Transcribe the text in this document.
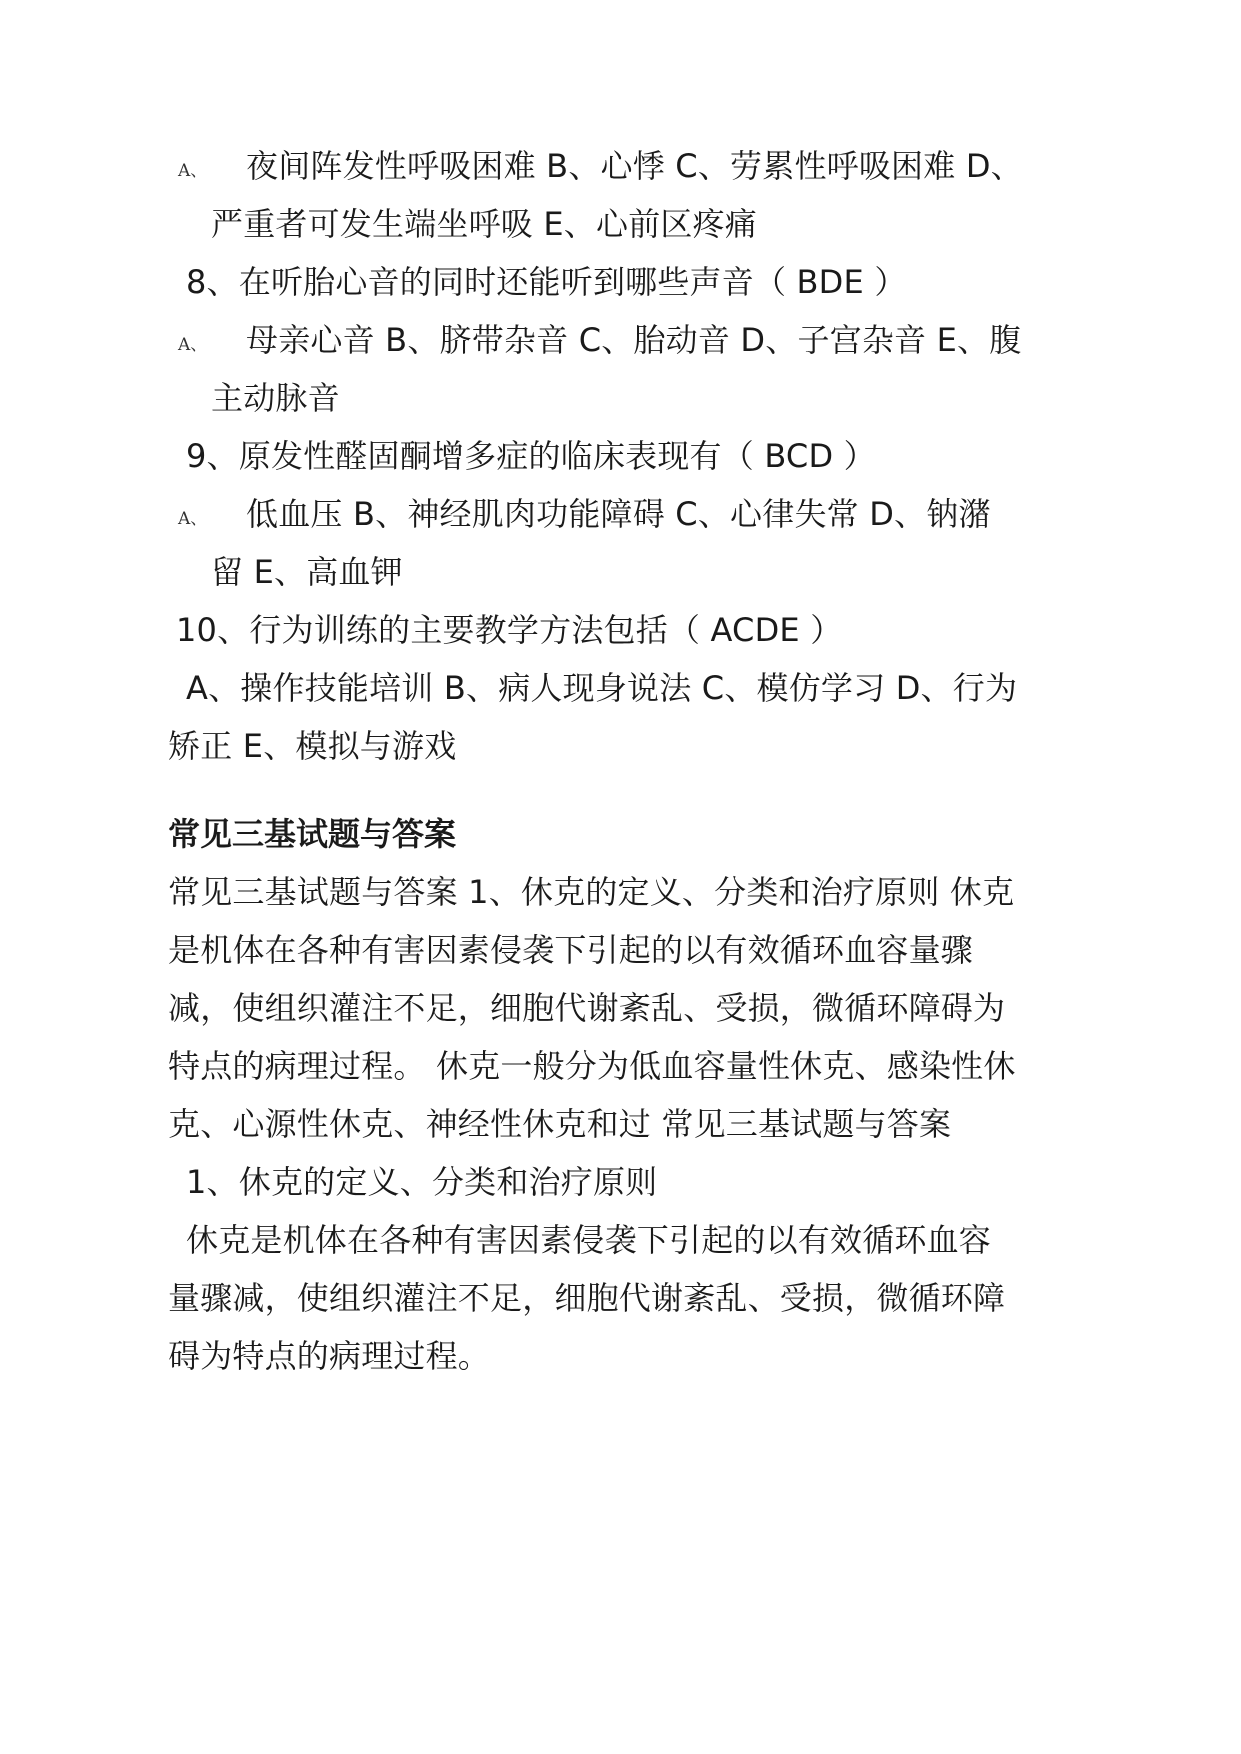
A、 夜间阵发性呼吸困难 B、心悸 C、劳累性呼吸困难 D、
严重者可发生端坐呼吸 E、心前区疼痛
8、在听胎心音的同时还能听到哪些声音（ BDE ）
A、 母亲心音 B、脐带杂音 C、胎动音 D、子宫杂音 E、腹
主动脉音
9、原发性醛固酮增多症的临床表现有（ BCD ）
A、 低血压 B、神经肌肉功能障碍 C、心律失常 D、钠潴
留 E、高血钾
10、行为训练的主要教学方法包括（ ACDE ）
A、操作技能培训 B、病人现身说法 C、模仿学习 D、行为
矫正 E、模拟与游戏
常见三基试题与答案
常见三基试题与答案 1、休克的定义、分类和治疗原则 休克
是机体在各种有害因素侵袭下引起的以有效循环血容量骤
减，使组织灌注不足，细胞代谢紊乱、受损，微循环障碍为
特点的病理过程。 休克一般分为低血容量性休克、感染性休
克、心源性休克、神经性休克和过 常见三基试题与答案
1、休克的定义、分类和治疗原则
休克是机体在各种有害因素侵袭下引起的以有效循环血容
量骤减，使组织灌注不足，细胞代谢紊乱、受损，微循环障
碍为特点的病理过程。
